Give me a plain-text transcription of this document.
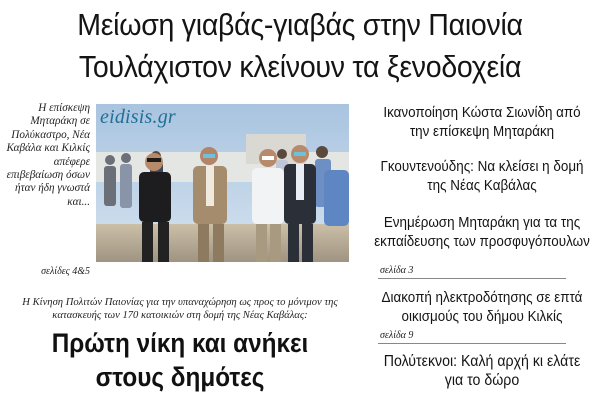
Μείωση γιαβάς-γιαβάς στην Παιονία
Τουλάχιστον κλείνουν τα ξενοδοχεία
Η επίσκεψη Μηταράκη σε Πολύκαστρο, Νέα Καβάλα και Κιλκίς απέφερε επιβεβαίωση όσων ήταν ήδη γνωστά και...
σελίδες 4&5
eidisis.gr
Η Κίνηση Πολιτών Παιονίας για την υπαναχώρηση ως προς το μόνιμον της κατασκευής των 170 κατοικιών στη δομή της Νέας Καβάλας:
Πρώτη νίκη και ανήκει
στους δημότες
Ικανοποίηση Κώστα Σιωνίδη από την επίσκεψη Μηταράκη
Γκουντενούδης: Να κλείσει η δομή της Νέας Καβάλας
Ενημέρωση Μηταράκη για τα της εκπαίδευσης των προσφυγόπουλων
σελίδα 3
Διακοπή ηλεκτροδότησης σε επτά οικισμούς του δήμου Κιλκίς
σελίδα 9
Πολύτεκνοι: Καλή αρχή κι ελάτε για το δώρο
